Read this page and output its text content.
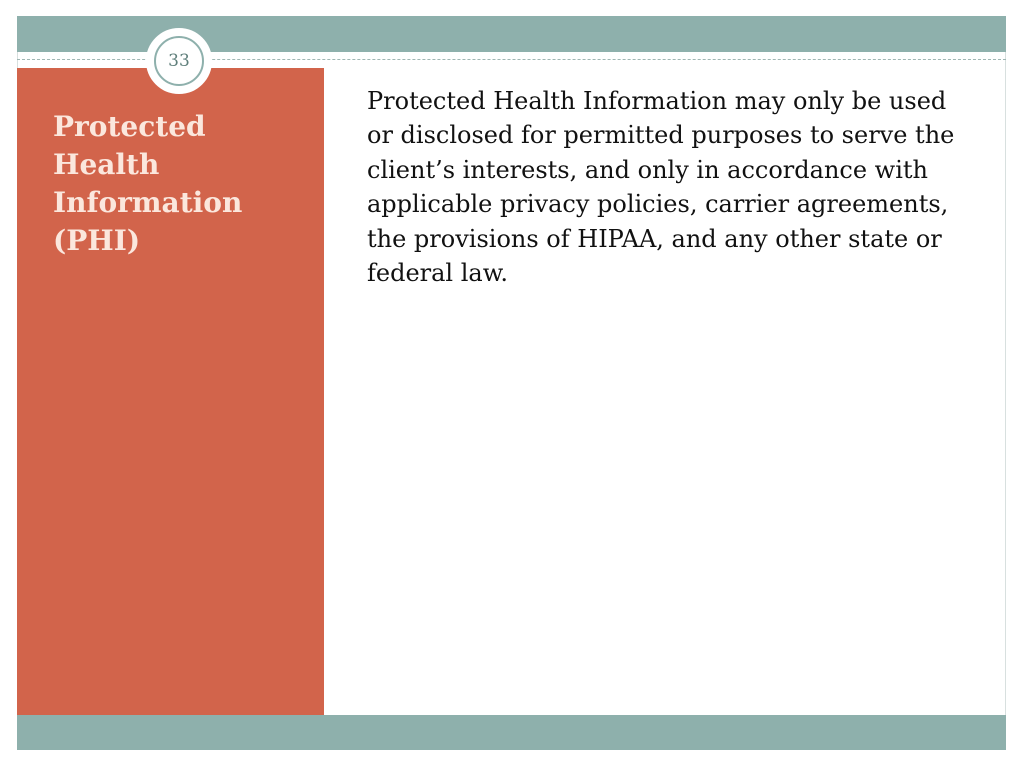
33
Protected
Health
Information
(PHI)

Protected Health Information may only be used
or disclosed for permitted purposes to serve the
client’s interests, and only in accordance with
applicable privacy policies, carrier agreements,
the provisions of HIPAA, and any other state or
federal law.
